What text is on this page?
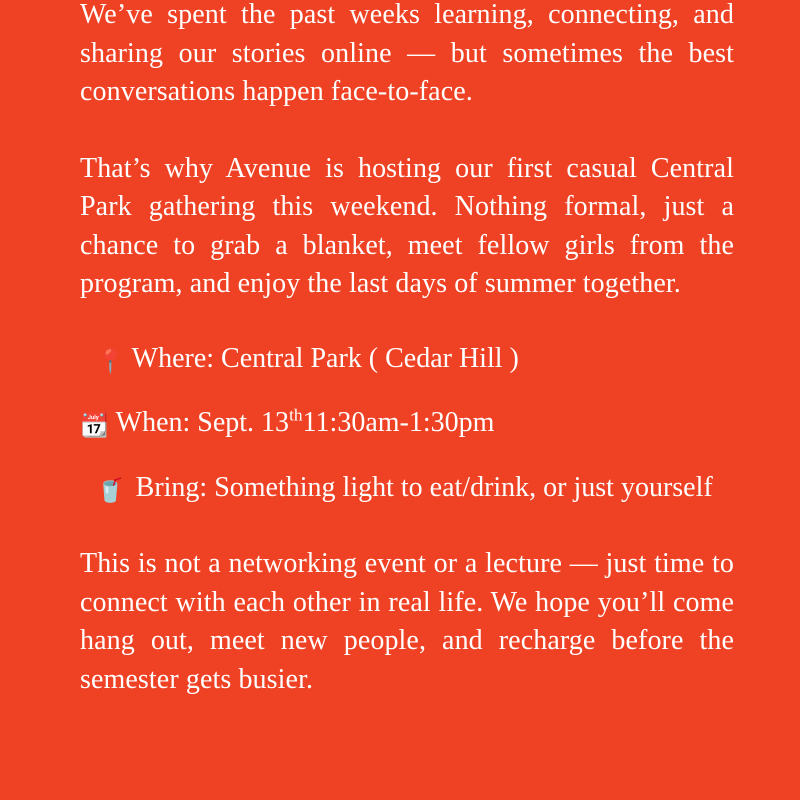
We’ve spent the past weeks learning, connecting, and sharing our stories online — but sometimes the best conversations happen face-to-face.

That’s why Avenue is hosting our first casual Central Park gathering this weekend. Nothing formal, just a chance to grab a blanket, meet fellow girls from the program, and enjoy the last days of summer together.

📍 Where: Central Park ( Cedar Hill )

📆 When: Sept. 13th11:30am-1:30pm

🥤 Bring: Something light to eat/drink, or just yourself

This is not a networking event or a lecture — just time to connect with each other in real life. We hope you’ll come hang out, meet new people, and recharge before the semester gets busier.
